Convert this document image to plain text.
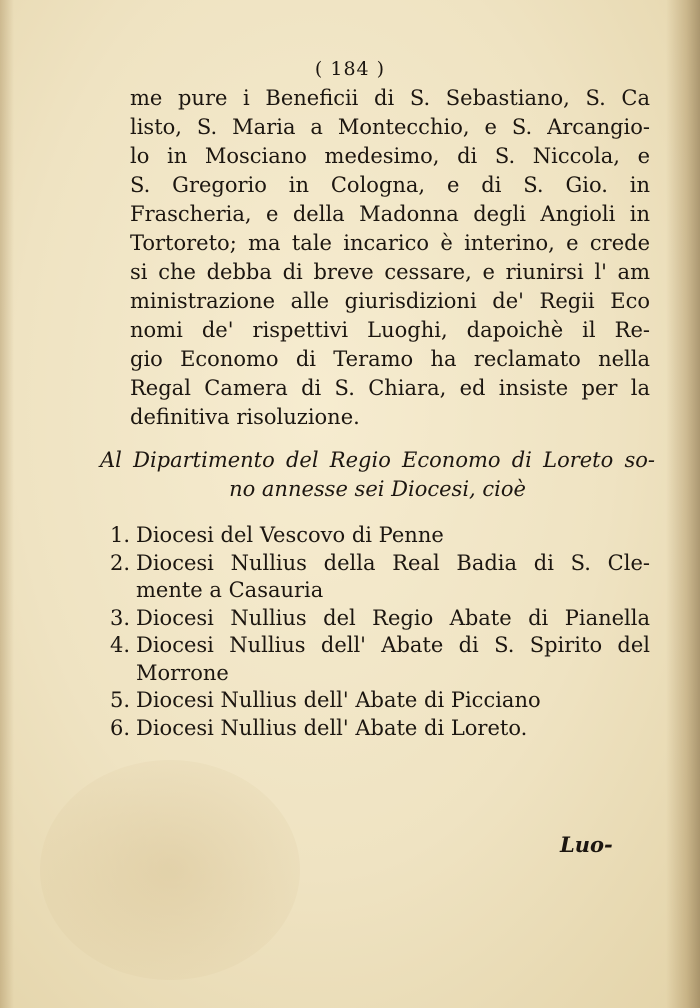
( 184 )
me pure i Beneficii di S. Sebastiano, S. Ca
listo, S. Maria a Montecchio, e S. Arcangio-
lo in Mosciano medesimo, di S. Niccola, e
S. Gregorio in Cologna, e di S. Gio. in
Frascheria, e della Madonna degli Angioli in
Tortoreto; ma tale incarico è interino, e crede
si che debba di breve cessare, e riunirsi l' am
ministrazione alle giurisdizioni de' Regii Eco
nomi de' rispettivi Luoghi, dapoichè il Re-
gio Economo di Teramo ha reclamato nella
Regal Camera di S. Chiara, ed insiste per la
definitiva risoluzione.
Al Dipartimento del Regio Economo di Loreto so-
no annesse sei Diocesi, cioè
1. Diocesi del Vescovo di Penne
2. Diocesi Nullius della Real Badia di S. Cle-
mente a Casauria
3. Diocesi Nullius del Regio Abate di Pianella
4. Diocesi Nullius dell' Abate di S. Spirito del
Morrone
5. Diocesi Nullius dell' Abate di Picciano
6. Diocesi Nullius dell' Abate di Loreto.
Luo-
